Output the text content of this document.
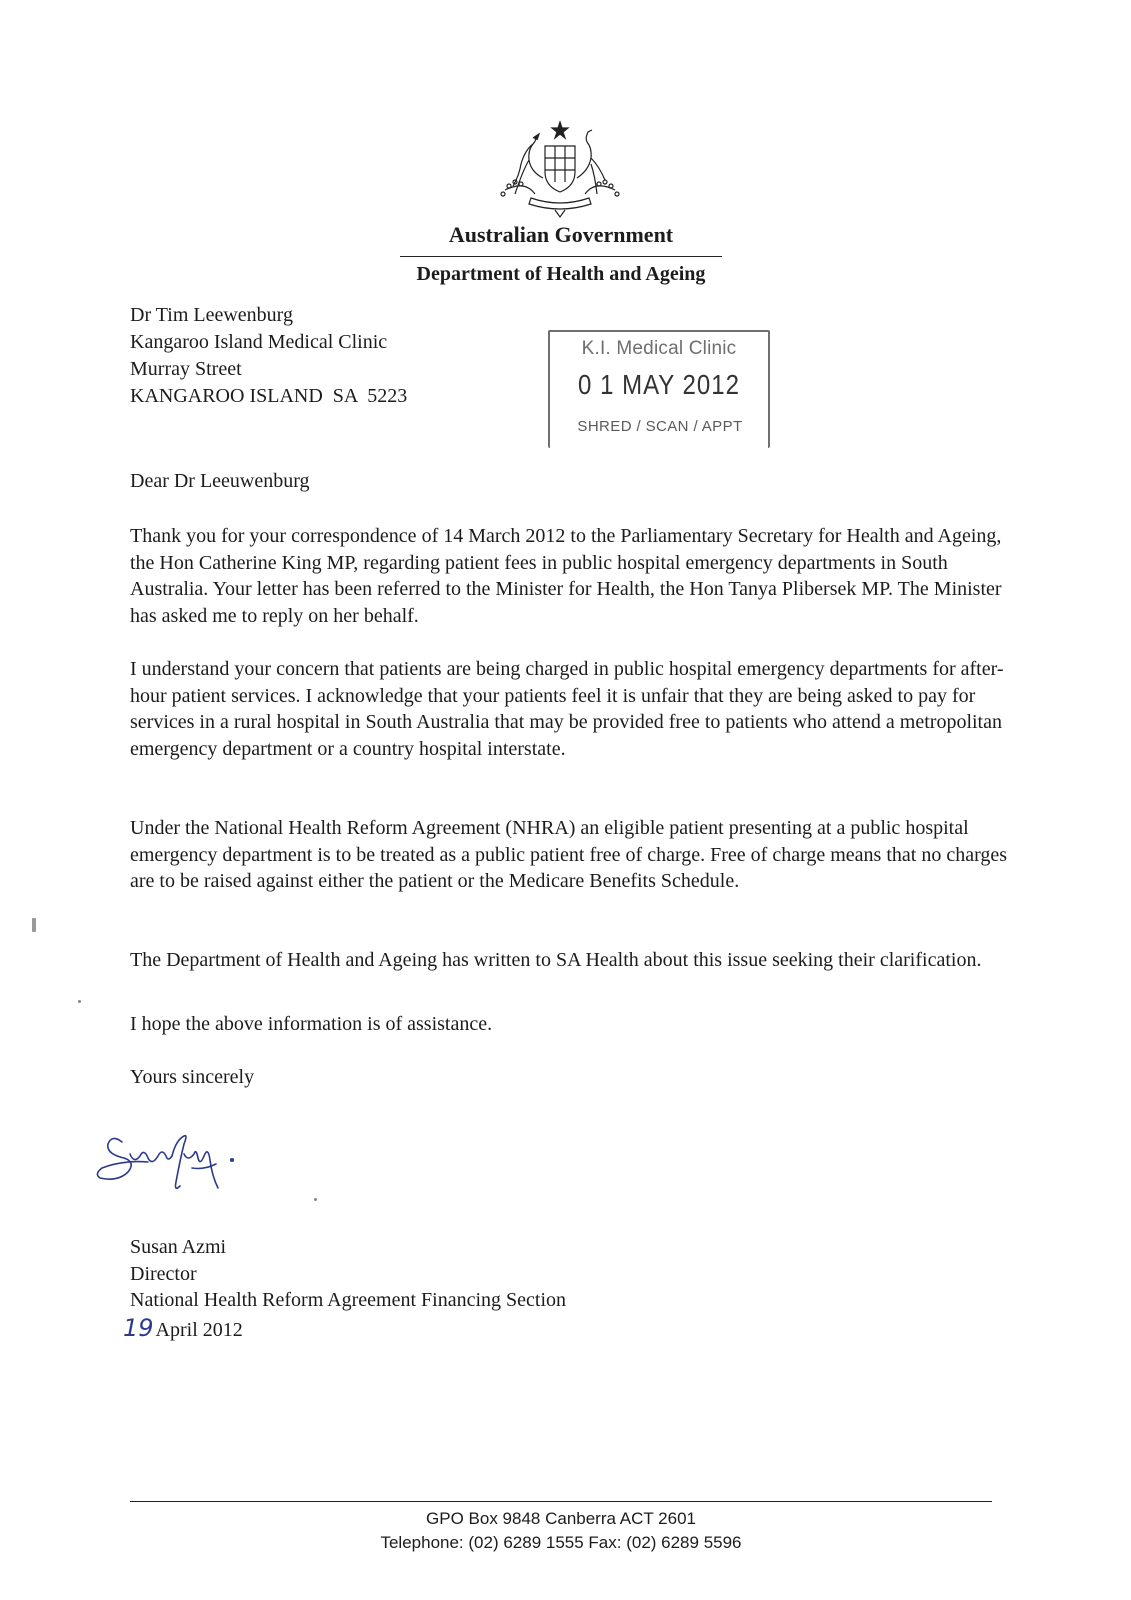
Australian Government
Department of Health and Ageing
Dr Tim Leewenburg
Kangaroo Island Medical Clinic
Murray Street
KANGAROO ISLAND  SA  5223
K.I. Medical Clinic
0 1 MAY 2012
SHRED / SCAN / APPT
Dear Dr Leeuwenburg
Thank you for your correspondence of 14 March 2012 to the Parliamentary Secretary for Health and Ageing, the Hon Catherine King MP, regarding patient fees in public hospital emergency departments in South Australia. Your letter has been referred to the Minister for Health, the Hon Tanya Plibersek MP. The Minister has asked me to reply on her behalf.
I understand your concern that patients are being charged in public hospital emergency departments for after-hour patient services. I acknowledge that your patients feel it is unfair that they are being asked to pay for services in a rural hospital in South Australia that may be provided free to patients who attend a metropolitan emergency department or a country hospital interstate.
Under the National Health Reform Agreement (NHRA) an eligible patient presenting at a public hospital emergency department is to be treated as a public patient free of charge. Free of charge means that no charges are to be raised against either the patient or the Medicare Benefits Schedule.
The Department of Health and Ageing has written to SA Health about this issue seeking their clarification.
I hope the above information is of assistance.
Yours sincerely
Susan Azmi
Director
National Health Reform Agreement Financing Section
19 April 2012
GPO Box 9848 Canberra ACT 2601
Telephone: (02) 6289 1555 Fax: (02) 6289 5596
